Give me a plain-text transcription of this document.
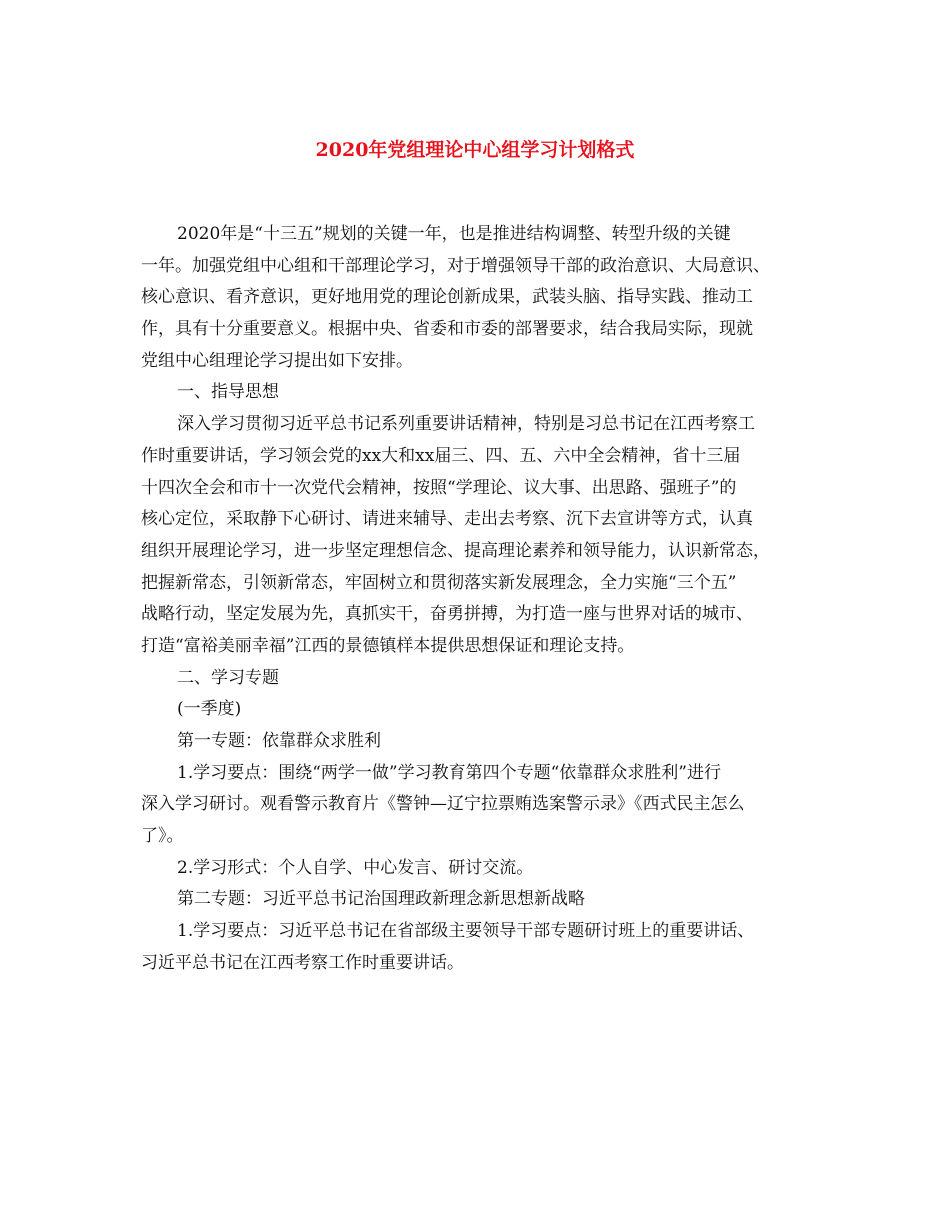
2020年党组理论中心组学习计划格式

2020年是“十三五”规划的关键一年，也是推进结构调整、转型升级的关键

一年。加强党组中心组和干部理论学习，对于增强领导干部的政治意识、大局意识、

核心意识、看齐意识，更好地用党的理论创新成果，武装头脑、指导实践、推动工

作，具有十分重要意义。根据中央、省委和市委的部署要求，结合我局实际，现就

党组中心组理论学习提出如下安排。

一、指导思想

深入学习贯彻习近平总书记系列重要讲话精神，特别是习总书记在江西考察工

作时重要讲话，学习领会党的xx大和xx届三、四、五、六中全会精神，省十三届

十四次全会和市十一次党代会精神，按照“学理论、议大事、出思路、强班子”的

核心定位，采取静下心研讨、请进来辅导、走出去考察、沉下去宣讲等方式，认真

组织开展理论学习，进一步坚定理想信念、提高理论素养和领导能力，认识新常态，

把握新常态，引领新常态，牢固树立和贯彻落实新发展理念，全力实施“三个五”

战略行动，坚定发展为先，真抓实干，奋勇拼搏，为打造一座与世界对话的城市、

打造“富裕美丽幸福”江西的景德镇样本提供思想保证和理论支持。

二、学习专题

(一季度)

第一专题：依靠群众求胜利

1.学习要点：围绕“两学一做”学习教育第四个专题“依靠群众求胜利”进行

深入学习研讨。观看警示教育片《警钟—辽宁拉票贿选案警示录》《西式民主怎么

了》。

2.学习形式：个人自学、中心发言、研讨交流。

第二专题：习近平总书记治国理政新理念新思想新战略

1.学习要点：习近平总书记在省部级主要领导干部专题研讨班上的重要讲话、

习近平总书记在江西考察工作时重要讲话。
